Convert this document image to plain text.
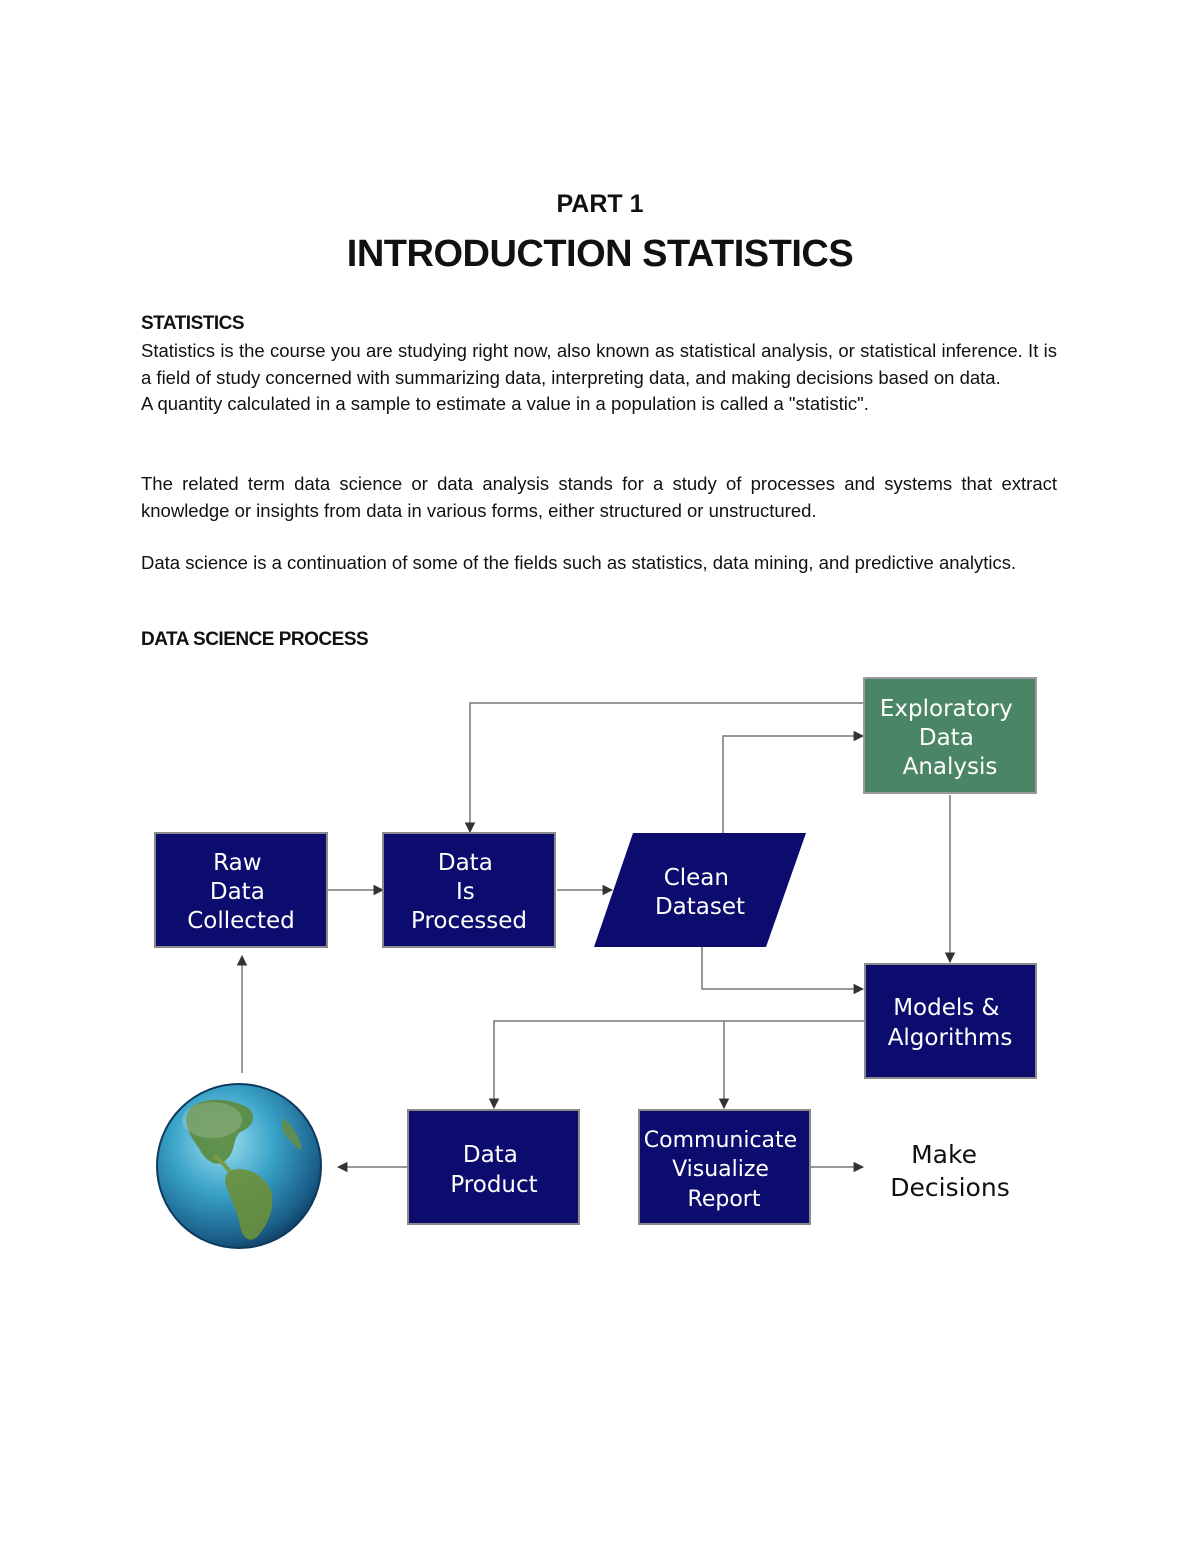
PART 1
INTRODUCTION STATISTICS
STATISTICS

Statistics is the course you are studying right now, also known as statistical analysis, or statistical inference. It is a field of study concerned with summarizing data, interpreting data, and making decisions based on data.

A quantity calculated in a sample to estimate a value in a population is called a "statistic".

The related term data science or data analysis stands for a study of processes and systems that extract knowledge or insights from data in various forms, either structured or unstructured.
Data science is a continuation of some of the fields such as statistics, data mining, and predictive analytics.
DATA SCIENCE PROCESS
Raw Data Collected
Data Is Processed
Clean Dataset
Exploratory Data Analysis
Models & Algorithms
Data Product
Communicate Visualize Report
Make Decisions
